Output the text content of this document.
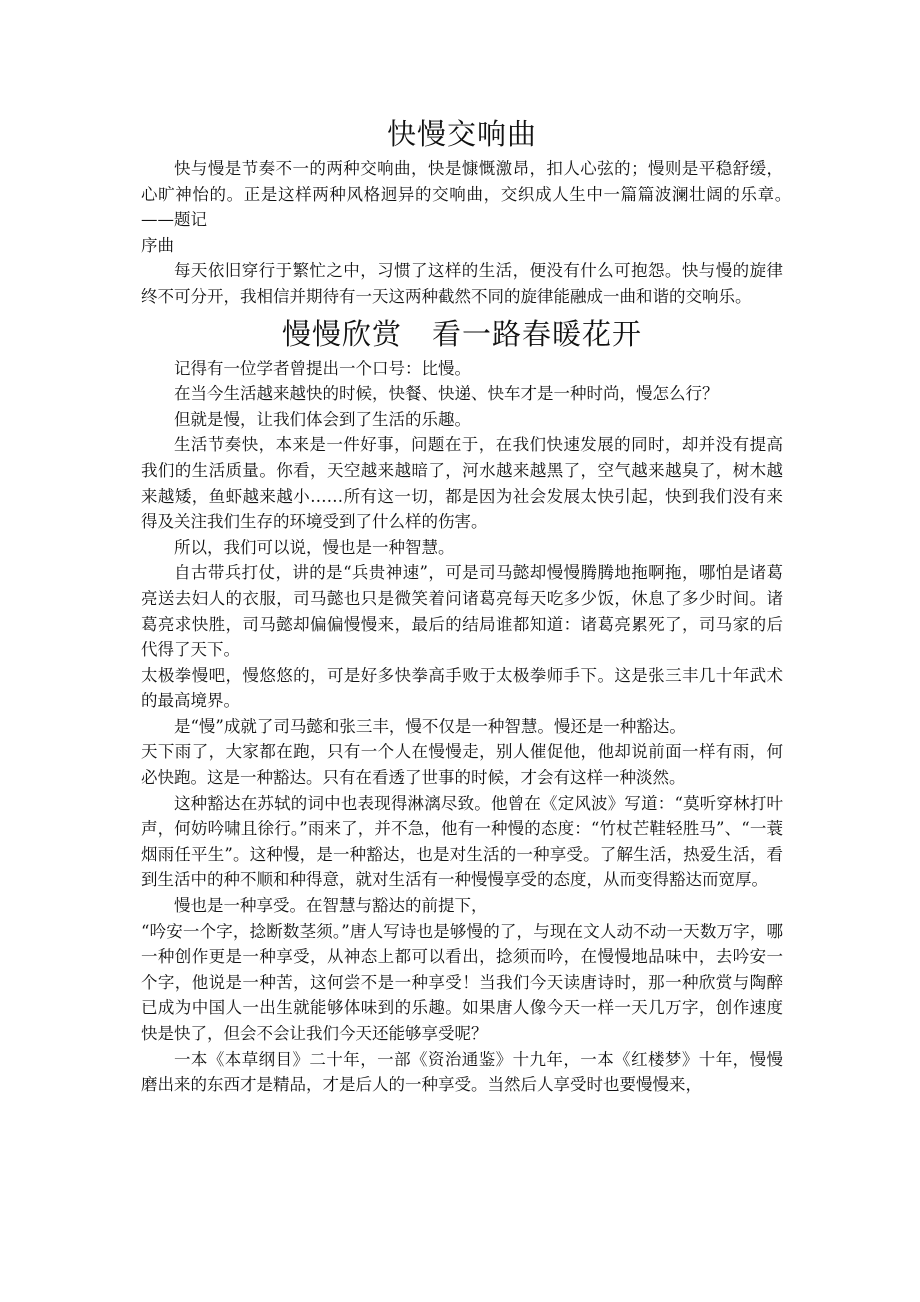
快慢交响曲

快与慢是节奏不一的两种交响曲，快是慷慨激昂，扣人心弦的；慢则是平稳舒缓，心旷神怡的。正是这样两种风格迥异的交响曲，交织成人生中一篇篇波澜壮阔的乐章。　——题记

序曲

每天依旧穿行于繁忙之中，习惯了这样的生活，便没有什么可抱怨。快与慢的旋律终不可分开，我相信并期待有一天这两种截然不同的旋律能融成一曲和谐的交响乐。

慢慢欣赏　看一路春暖花开

记得有一位学者曾提出一个口号：比慢。

在当今生活越来越快的时候，快餐、快递、快车才是一种时尚，慢怎么行？

但就是慢，让我们体会到了生活的乐趣。

生活节奏快，本来是一件好事，问题在于，在我们快速发展的同时，却并没有提高我们的生活质量。你看，天空越来越暗了，河水越来越黑了，空气越来越臭了，树木越来越矮，鱼虾越来越小……所有这一切，都是因为社会发展太快引起，快到我们没有来得及关注我们生存的环境受到了什么样的伤害。

所以，我们可以说，慢也是一种智慧。

自古带兵打仗，讲的是“兵贵神速”，可是司马懿却慢慢腾腾地拖啊拖，哪怕是诸葛亮送去妇人的衣服，司马懿也只是微笑着问诸葛亮每天吃多少饭，休息了多少时间。诸葛亮求快胜，司马懿却偏偏慢慢来，最后的结局谁都知道：诸葛亮累死了，司马家的后代得了天下。

太极拳慢吧，慢悠悠的，可是好多快拳高手败于太极拳师手下。这是张三丰几十年武术的最高境界。

是“慢”成就了司马懿和张三丰，慢不仅是一种智慧。慢还是一种豁达。

天下雨了，大家都在跑，只有一个人在慢慢走，别人催促他，他却说前面一样有雨，何必快跑。这是一种豁达。只有在看透了世事的时候，才会有这样一种淡然。

这种豁达在苏轼的词中也表现得淋漓尽致。他曾在《定风波》写道：“莫听穿林打叶声，何妨吟啸且徐行。”雨来了，并不急，他有一种慢的态度：“竹杖芒鞋轻胜马”、“一蓑烟雨任平生”。这种慢，是一种豁达，也是对生活的一种享受。了解生活，热爱生活，看到生活中的种不顺和种得意，就对生活有一种慢慢享受的态度，从而变得豁达而宽厚。

慢也是一种享受。在智慧与豁达的前提下，

“吟安一个字，捻断数茎须。”唐人写诗也是够慢的了，与现在文人动不动一天数万字，哪一种创作更是一种享受，从神态上都可以看出，捻须而吟，在慢慢地品味中，去吟安一个字，他说是一种苦，这何尝不是一种享受！当我们今天读唐诗时，那一种欣赏与陶醉已成为中国人一出生就能够体味到的乐趣。如果唐人像今天一样一天几万字，创作速度快是快了，但会不会让我们今天还能够享受呢？

一本《本草纲目》二十年，一部《资治通鉴》十九年，一本《红楼梦》十年，慢慢磨出来的东西才是精品，才是后人的一种享受。当然后人享受时也要慢慢来，
